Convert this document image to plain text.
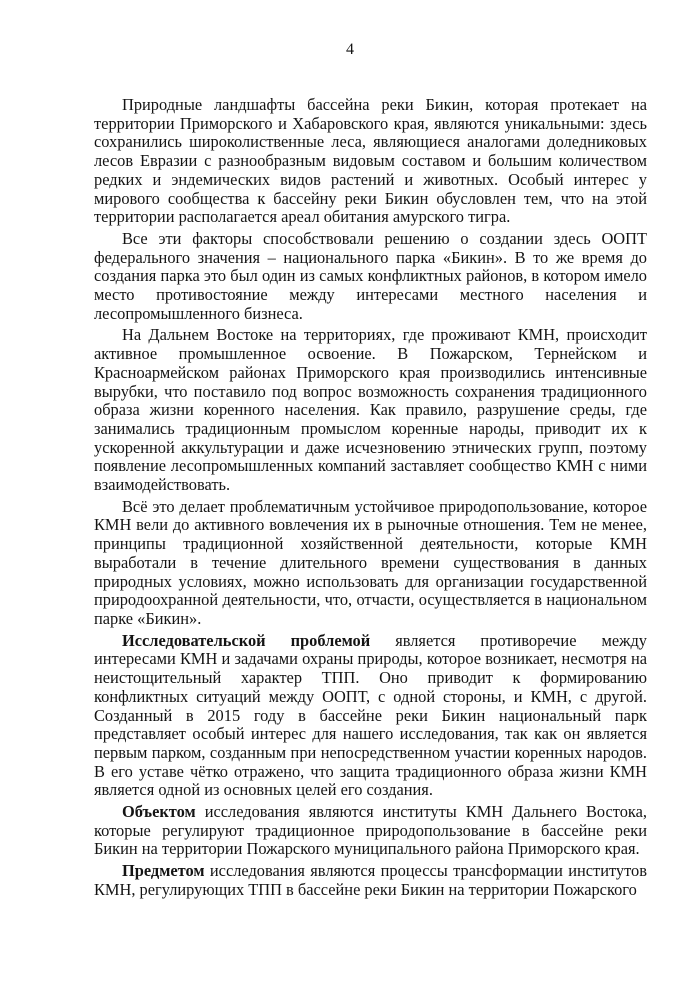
4

Природные ландшафты бассейна реки Бикин, которая протекает на территории Приморского и Хабаровского края, являются уникальными: здесь сохранились широколиственные леса, являющиеся аналогами доледниковых лесов Евразии с разнообразным видовым составом и большим количеством редких и эндемических видов растений и животных. Особый интерес у мирового сообщества к бассейну реки Бикин обусловлен тем, что на этой территории располагается ареал обитания амурского тигра.

Все эти факторы способствовали решению о создании здесь ООПТ федерального значения – национального парка «Бикин». В то же время до создания парка это был один из самых конфликтных районов, в котором имело место противостояние между интересами местного населения и лесопромышленного бизнеса.

На Дальнем Востоке на территориях, где проживают КМН, происходит активное промышленное освоение. В Пожарском, Тернейском и Красноармейском районах Приморского края производились интенсивные вырубки, что поставило под вопрос возможность сохранения традиционного образа жизни коренного населения. Как правило, разрушение среды, где занимались традиционным промыслом коренные народы, приводит их к ускоренной аккультурации и даже исчезновению этнических групп, поэтому появление лесопромышленных компаний заставляет сообщество КМН с ними взаимодействовать.

Всё это делает проблематичным устойчивое природопользование, которое КМН вели до активного вовлечения их в рыночные отношения. Тем не менее, принципы традиционной хозяйственной деятельности, которые КМН выработали в течение длительного времени существования в данных природных условиях, можно использовать для организации государственной природоохранной деятельности, что, отчасти, осуществляется в национальном парке «Бикин».

Исследовательской проблемой является противоречие между интересами КМН и задачами охраны природы, которое возникает, несмотря на неистощительный характер ТПП. Оно приводит к формированию конфликтных ситуаций между ООПТ, с одной стороны, и КМН, с другой. Созданный в 2015 году в бассейне реки Бикин национальный парк представляет особый интерес для нашего исследования, так как он является первым парком, созданным при непосредственном участии коренных народов. В его уставе чётко отражено, что защита традиционного образа жизни КМН является одной из основных целей его создания.

Объектом исследования являются институты КМН Дальнего Востока, которые регулируют традиционное природопользование в бассейне реки Бикин на территории Пожарского муниципального района Приморского края.

Предметом исследования являются процессы трансформации институтов КМН, регулирующих ТПП в бассейне реки Бикин на территории Пожарского
